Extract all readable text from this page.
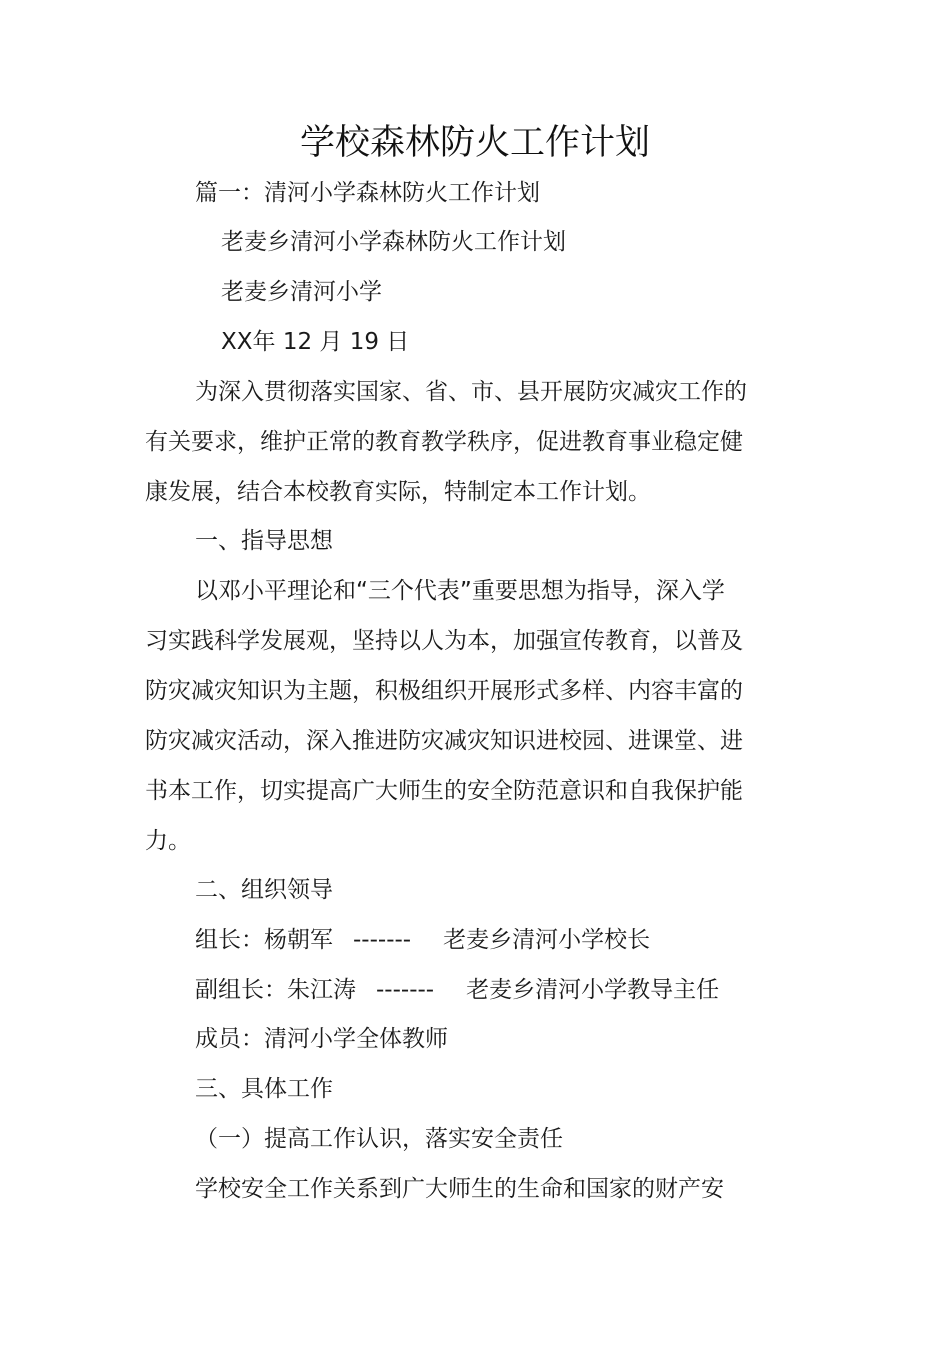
学校森林防火工作计划
篇一：清河小学森林防火工作计划
老麦乡清河小学森林防火工作计划
老麦乡清河小学
XX年 12 月 19 日
为深入贯彻落实国家、省、市、县开展防灾减灾工作的
有关要求，维护正常的教育教学秩序，促进教育事业稳定健
康发展，结合本校教育实际，特制定本工作计划。
一、指导思想
以邓小平理论和“三个代表”重要思想为指导，深入学
习实践科学发展观，坚持以人为本，加强宣传教育，以普及
防灾减灾知识为主题，积极组织开展形式多样、内容丰富的
防灾减灾活动，深入推进防灾减灾知识进校园、进课堂、进
书本工作，切实提高广大师生的安全防范意识和自我保护能
力。
二、组织领导
组长：杨朝军 ------- 老麦乡清河小学校长
副组长：朱江涛 ------- 老麦乡清河小学教导主任
成员：清河小学全体教师
三、具体工作
（一）提高工作认识，落实安全责任
学校安全工作关系到广大师生的生命和国家的财产安
